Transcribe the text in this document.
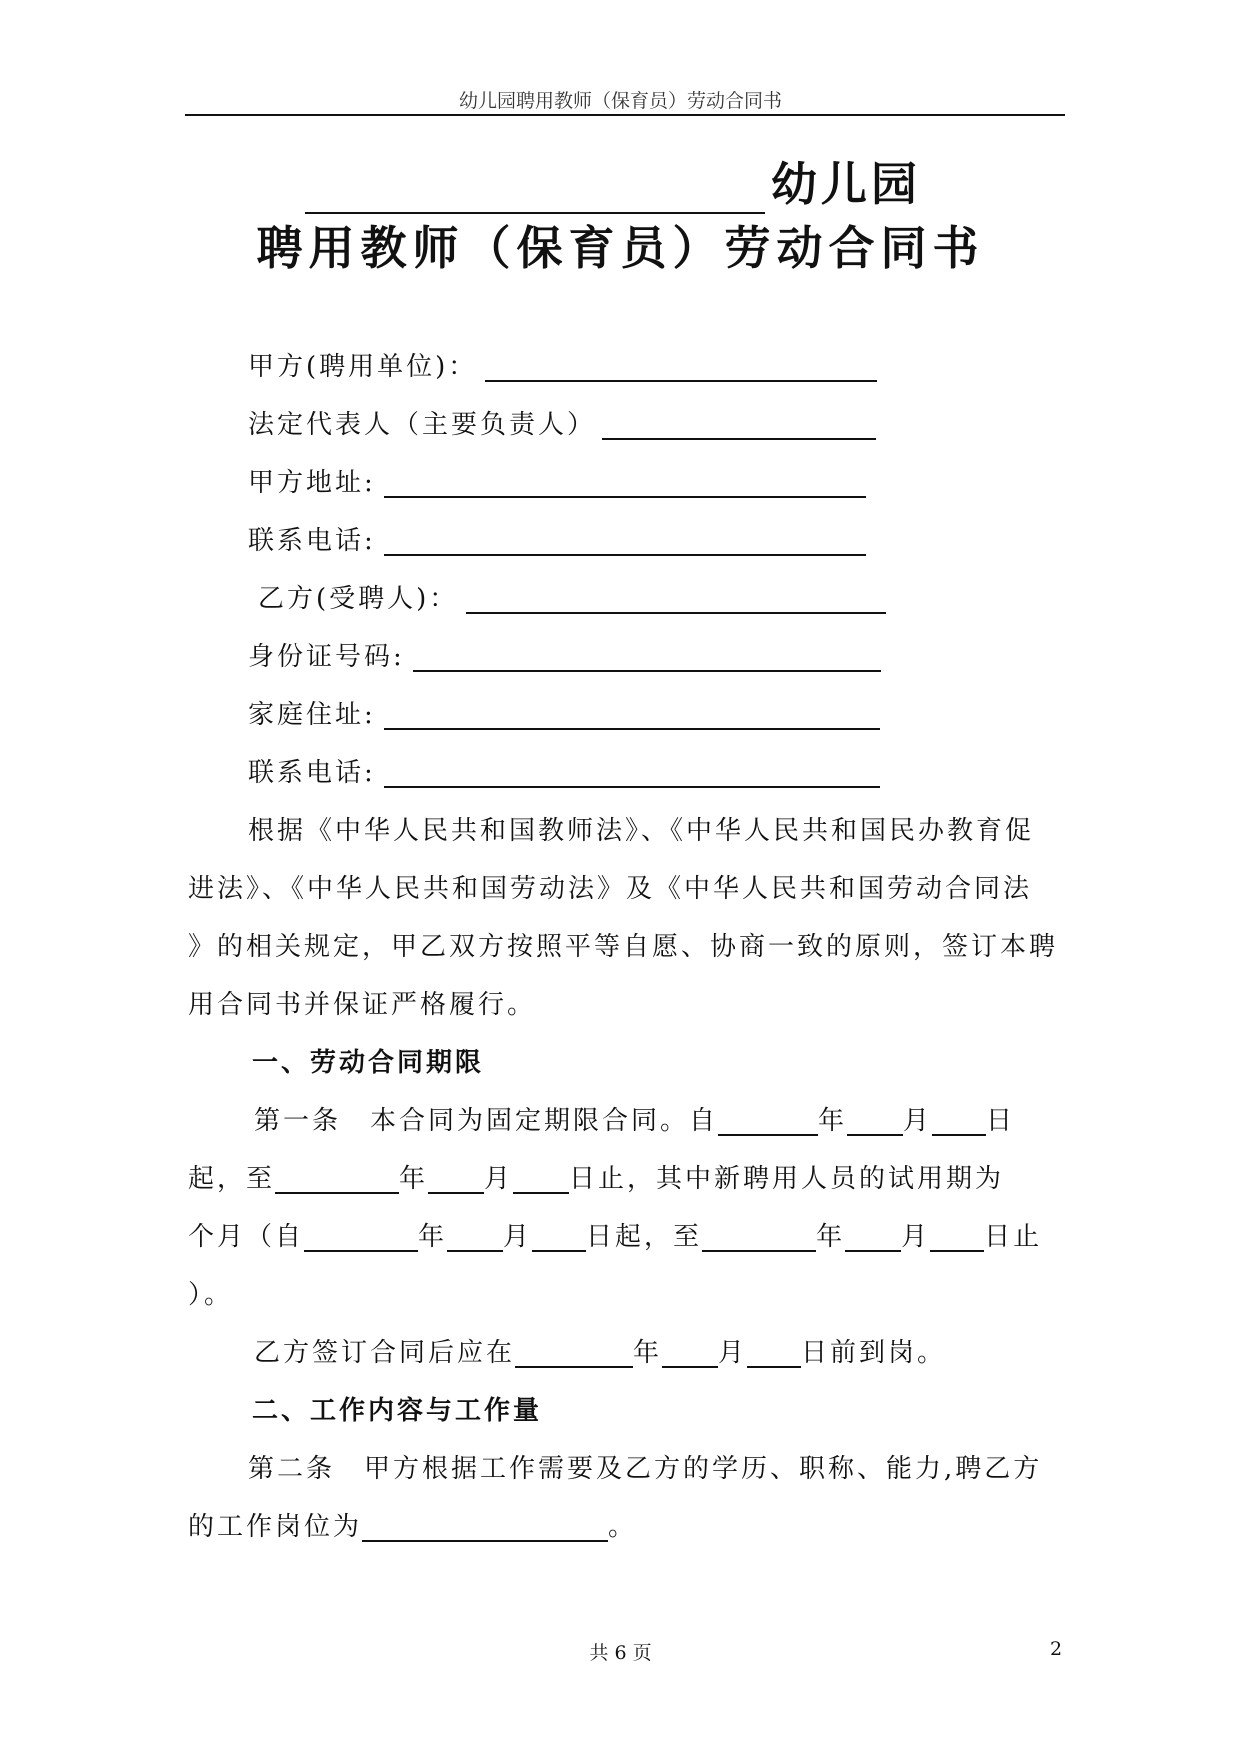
幼儿园聘用教师（保育员）劳动合同书
幼儿园
聘用教师（保育员）劳动合同书
甲方(聘用单位)：
法定代表人（主要负责人）
甲方地址:
联系电话:
乙方(受聘人)：
身份证号码:
家庭住址:
联系电话:
根据《中华人民共和国教师法》、《中华人民共和国民办教育促
进法》、《中华人民共和国劳动法》及《中华人民共和国劳动合同法
》的相关规定，甲乙双方按照平等自愿、协商一致的原则，签订本聘
用合同书并保证严格履行。
一、劳动合同期限
第一条　本合同为固定期限合同。自	年 月 日
起，至	年 月 日止，其中新聘用人员的试用期为
个月（自	年 月 日起，至	年 月 日止
）。
乙方签订合同后应在	年 月 日前到岗。
二、工作内容与工作量
第二条　甲方根据工作需要及乙方的学历、职称、能力,聘乙方
的工作岗位为	。
共 6 页	2
